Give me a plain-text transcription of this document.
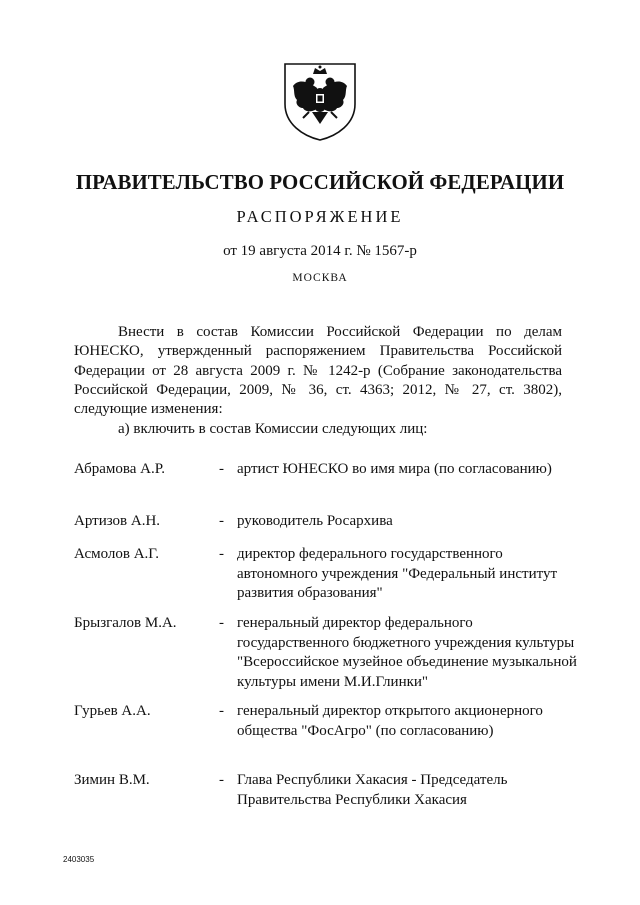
ПРАВИТЕЛЬСТВО РОССИЙСКОЙ ФЕДЕРАЦИИ
РАСПОРЯЖЕНИЕ
от 19 августа 2014 г. № 1567-р
МОСКВА
Внести в состав Комиссии Российской Федерации по делам ЮНЕСКО, утвержденный распоряжением Правительства Российской Федерации от 28 августа 2009 г. № 1242-р (Собрание законодательства Российской Федерации, 2009, № 36, ст. 4363; 2012, № 27, ст. 3802), следующие изменения:
а) включить в состав Комиссии следующих лиц:
Абрамова А.Р.	- артист ЮНЕСКО во имя мира (по согласованию)
Артизов А.Н.	- руководитель Росархива
Асмолов А.Г.	- директор федерального государственного автономного учреждения "Федеральный институт развития образования"
Брызгалов М.А.	- генеральный директор федерального государственного бюджетного учреждения культуры "Всероссийское музейное объединение музыкальной культуры имени М.И.Глинки"
Гурьев А.А.	- генеральный директор открытого акционерного общества "ФосАгро" (по согласованию)
Зимин В.М.	- Глава Республики Хакасия - Председатель Правительства Республики Хакасия
2403035
